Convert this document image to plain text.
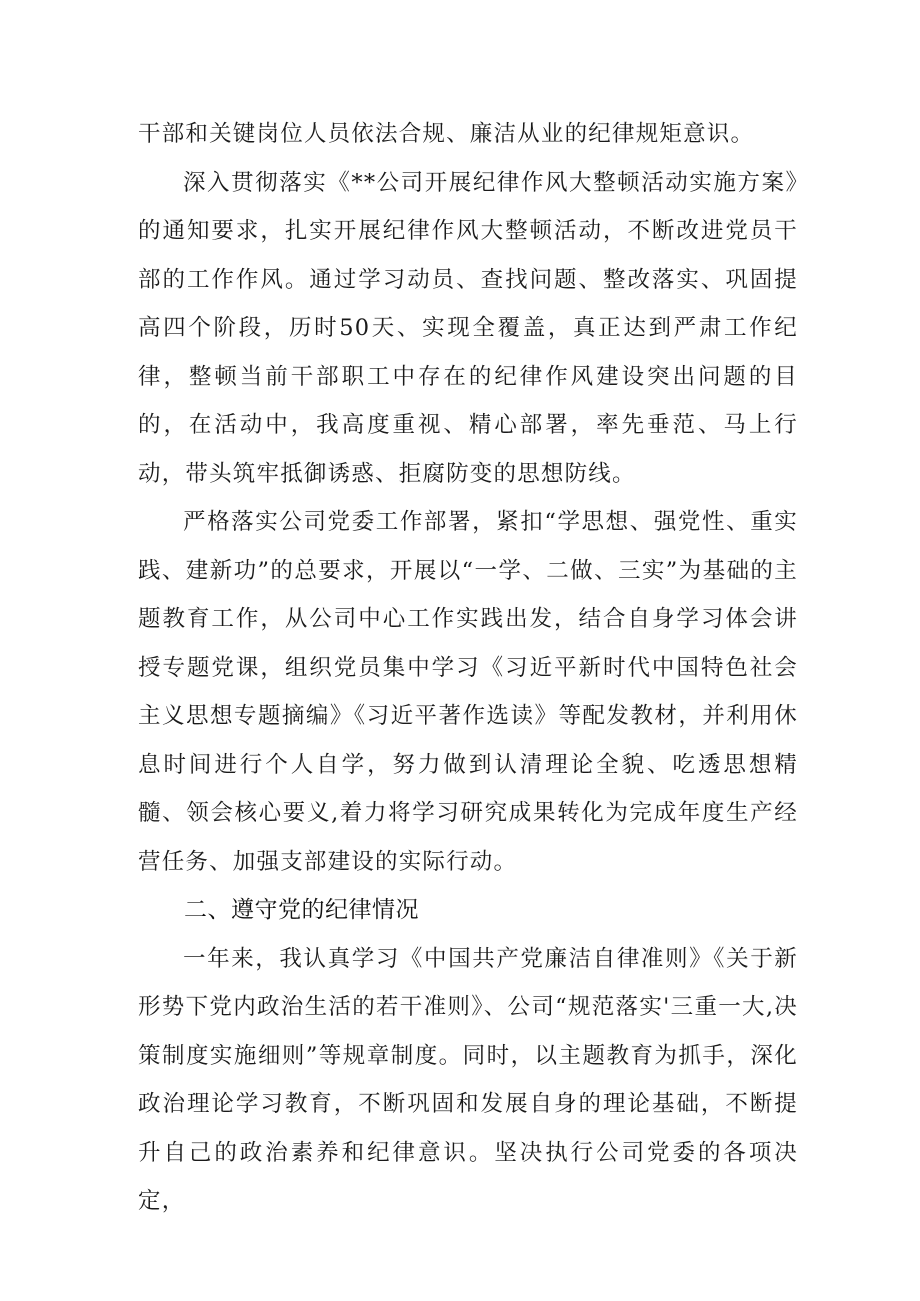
干部和关键岗位人员依法合规、廉洁从业的纪律规矩意识。

深入贯彻落实《**公司开展纪律作风大整顿活动实施方案》的通知要求，扎实开展纪律作风大整顿活动，不断改进党员干部的工作作风。通过学习动员、查找问题、整改落实、巩固提高四个阶段，历时50天、实现全覆盖，真正达到严肃工作纪律，整顿当前干部职工中存在的纪律作风建设突出问题的目的，在活动中，我高度重视、精心部署，率先垂范、马上行动，带头筑牢抵御诱惑、拒腐防变的思想防线。

严格落实公司党委工作部署，紧扣“学思想、强党性、重实践、建新功”的总要求，开展以“一学、二做、三实”为基础的主题教育工作，从公司中心工作实践出发，结合自身学习体会讲授专题党课，组织党员集中学习《习近平新时代中国特色社会主义思想专题摘编》《习近平著作选读》等配发教材，并利用休息时间进行个人自学，努力做到认清理论全貌、吃透思想精髓、领会核心要义,着力将学习研究成果转化为完成年度生产经营任务、加强支部建设的实际行动。

二、遵守党的纪律情况

一年来，我认真学习《中国共产党廉洁自律准则》《关于新形势下党内政治生活的若干准则》、公司“规范落实'三重一大,决策制度实施细则”等规章制度。同时，以主题教育为抓手，深化政治理论学习教育，不断巩固和发展自身的理论基础，不断提升自己的政治素养和纪律意识。坚决执行公司党委的各项决定，
